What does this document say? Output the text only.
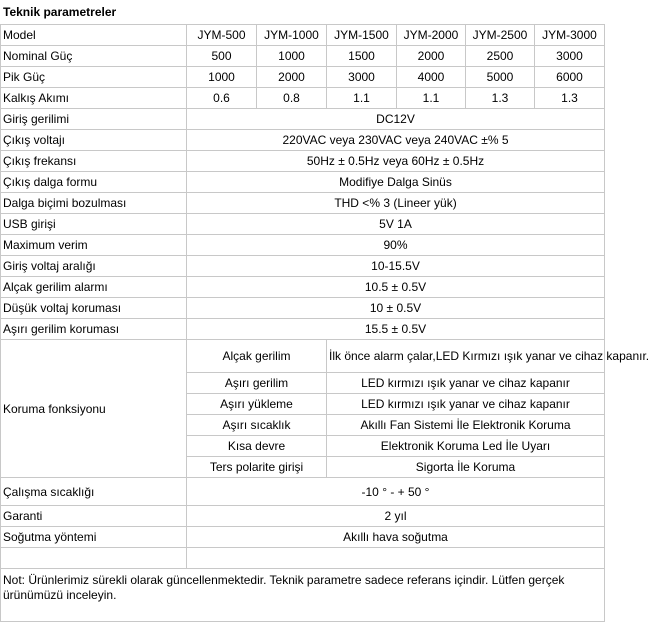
Teknik parametreler
Model	JYM-500	JYM-1000	JYM-1500	JYM-2000	JYM-2500	JYM-3000
Nominal Güç	500	1000	1500	2000	2500	3000
Pik Güç	1000	2000	3000	4000	5000	6000
Kalkış Akımı	0.6	0.8	1.1	1.1	1.3	1.3
Giriş gerilimi	DC12V					
Çıkış voltajı	220VAC veya 230VAC veya 240VAC ±% 5					
Çıkış frekansı	50Hz ± 0.5Hz veya 60Hz ± 0.5Hz					
Çıkış dalga formu	Modifiye Dalga Sinüs					
Dalga biçimi bozulması	THD <% 3 (Lineer yük)					
USB girişi	5V 1A					
Maximum verim	90%					
Giriş voltaj aralığı	10-15.5V					
Alçak gerilim alarmı	10.5 ± 0.5V					
Düşük voltaj koruması	10 ± 0.5V					
Aşırı gerilim koruması	15.5 ± 0.5V					
Koruma fonksiyonu	Alçak gerilim		İlk önce alarm çalar,LED Kırmızı ışık yanar ve cihaz kapanır.			
	Aşırı gerilim		LED kırmızı ışık yanar ve cihaz kapanır			
	Aşırı yükleme		LED kırmızı ışık yanar ve cihaz kapanır			
	Aşırı sıcaklık		Akıllı Fan Sistemi İle Elektronik Koruma			
	Kısa devre		Elektronik Koruma Led İle Uyarı			
	Ters polarite girişi		Sigorta İle Koruma			
Çalışma sıcaklığı	-10 ° - + 50 °					
Garanti	2 yıl					
Soğutma yöntemi	Akıllı hava soğutma					

Not: Ürünlerimiz sürekli olarak güncellenmektedir. Teknik parametre sadece referans içindir. Lütfen gerçek ürünümüzü inceleyin.						
